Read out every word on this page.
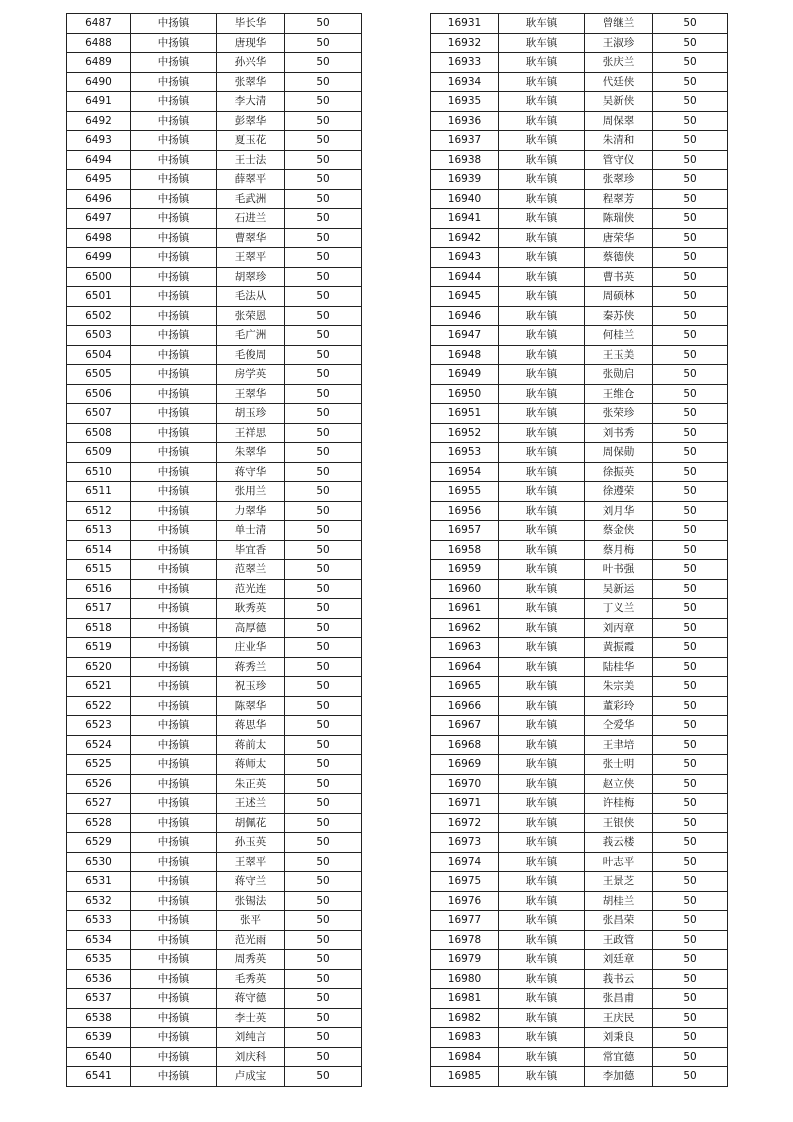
6487	中扬镇	毕长华	50
6488	中扬镇	唐现华	50
6489	中扬镇	孙兴华	50
6490	中扬镇	张翠华	50
6491	中扬镇	李大清	50
6492	中扬镇	彭翠华	50
6493	中扬镇	夏玉花	50
6494	中扬镇	王士法	50
6495	中扬镇	薛翠平	50
6496	中扬镇	毛武洲	50
6497	中扬镇	石进兰	50
6498	中扬镇	曹翠华	50
6499	中扬镇	王翠平	50
6500	中扬镇	胡翠珍	50
6501	中扬镇	毛法从	50
6502	中扬镇	张荣恩	50
6503	中扬镇	毛广洲	50
6504	中扬镇	毛俊周	50
6505	中扬镇	房学英	50
6506	中扬镇	王翠华	50
6507	中扬镇	胡玉珍	50
6508	中扬镇	王祥思	50
6509	中扬镇	朱翠华	50
6510	中扬镇	蒋守华	50
6511	中扬镇	张用兰	50
6512	中扬镇	力翠华	50
6513	中扬镇	单士清	50
6514	中扬镇	毕宜香	50
6515	中扬镇	范翠兰	50
6516	中扬镇	范光连	50
6517	中扬镇	耿秀英	50
6518	中扬镇	高厚德	50
6519	中扬镇	庄业华	50
6520	中扬镇	蒋秀兰	50
6521	中扬镇	祝玉珍	50
6522	中扬镇	陈翠华	50
6523	中扬镇	蒋思华	50
6524	中扬镇	蒋前太	50
6525	中扬镇	蒋师太	50
6526	中扬镇	朱正英	50
6527	中扬镇	王述兰	50
6528	中扬镇	胡佩花	50
6529	中扬镇	孙玉英	50
6530	中扬镇	王翠平	50
6531	中扬镇	蒋守兰	50
6532	中扬镇	张锡法	50
6533	中扬镇	张平	50
6534	中扬镇	范光雨	50
6535	中扬镇	周秀英	50
6536	中扬镇	毛秀英	50
6537	中扬镇	蒋守德	50
6538	中扬镇	李士英	50
6539	中扬镇	刘纯言	50
6540	中扬镇	刘庆科	50
6541	中扬镇	卢成宝	50
16931	耿车镇	曾继兰	50
16932	耿车镇	王淑珍	50
16933	耿车镇	张庆兰	50
16934	耿车镇	代廷侠	50
16935	耿车镇	吴新侠	50
16936	耿车镇	周保翠	50
16937	耿车镇	朱清和	50
16938	耿车镇	管守仪	50
16939	耿车镇	张翠珍	50
16940	耿车镇	程翠芳	50
16941	耿车镇	陈瑞侠	50
16942	耿车镇	唐荣华	50
16943	耿车镇	蔡德侠	50
16944	耿车镇	曹书英	50
16945	耿车镇	周硕林	50
16946	耿车镇	秦苏侠	50
16947	耿车镇	何桂兰	50
16948	耿车镇	王玉美	50
16949	耿车镇	张勋启	50
16950	耿车镇	王维仓	50
16951	耿车镇	张荣珍	50
16952	耿车镇	刘书秀	50
16953	耿车镇	周保勋	50
16954	耿车镇	徐振英	50
16955	耿车镇	徐遵荣	50
16956	耿车镇	刘月华	50
16957	耿车镇	蔡金侠	50
16958	耿车镇	蔡月梅	50
16959	耿车镇	叶书强	50
16960	耿车镇	吴新运	50
16961	耿车镇	丁义兰	50
16962	耿车镇	刘丙章	50
16963	耿车镇	黄振霞	50
16964	耿车镇	陆桂华	50
16965	耿车镇	朱宗美	50
16966	耿车镇	董彩玲	50
16967	耿车镇	仝爱华	50
16968	耿车镇	王聿培	50
16969	耿车镇	张士明	50
16970	耿车镇	赵立侠	50
16971	耿车镇	许桂梅	50
16972	耿车镇	王银侠	50
16973	耿车镇	莪云楼	50
16974	耿车镇	叶志平	50
16975	耿车镇	王景芝	50
16976	耿车镇	胡桂兰	50
16977	耿车镇	张昌荣	50
16978	耿车镇	王政管	50
16979	耿车镇	刘廷章	50
16980	耿车镇	莪书云	50
16981	耿车镇	张昌甫	50
16982	耿车镇	王庆民	50
16983	耿车镇	刘秉良	50
16984	耿车镇	常宜德	50
16985	耿车镇	李加德	50
